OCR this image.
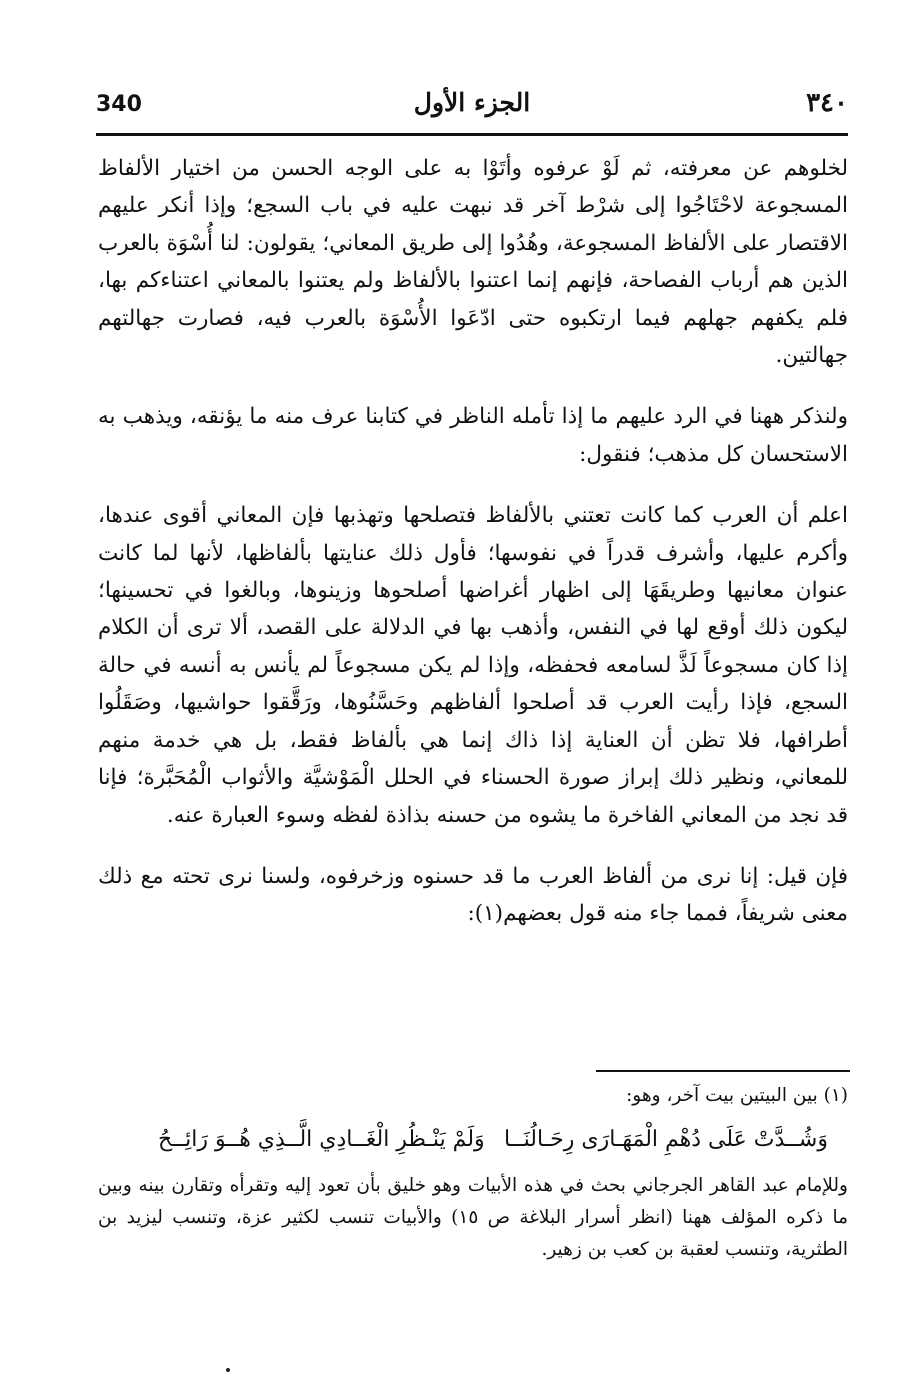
340	الجزء الأول	٣٤٠

لخلوهم عن معرفته، ثم لَوْ عرفوه وأتَوْا به على الوجه الحسن من اختيار الألفاظ المسجوعة لاحْتَاجُوا إلى شرْط آخر قد نبهت عليه في باب السجع؛ وإذا أنكر عليهم الاقتصار على الألفاظ المسجوعة، وهُدُوا إلى طريق المعاني؛ يقولون: لنا أُسْوَة بالعرب الذين هم أرباب الفصاحة، فإنهم إنما اعتنوا بالألفاظ ولم يعتنوا بالمعاني اعتناءكم بها، فلم يكفهم جهلهم فيما ارتكبوه حتى ادّعَوا الأُسْوَة بالعرب فيه، فصارت جهالتهم جهالتين.

ولنذكر ههنا في الرد عليهم ما إذا تأمله الناظر في كتابنا عرف منه ما يؤنقه، ويذهب به الاستحسان كل مذهب؛ فنقول:

اعلم أن العرب كما كانت تعتني بالألفاظ فتصلحها وتهذبها فإن المعاني أقوى عندها، وأكرم عليها، وأشرف قدراً في نفوسها؛ فأول ذلك عنايتها بألفاظها، لأنها لما كانت عنوان معانيها وطريقَهَا إلى اظهار أغراضها أصلحوها وزينوها، وبالغوا في تحسينها؛ ليكون ذلك أوقع لها في النفس، وأذهب بها في الدلالة على القصد، ألا ترى أن الكلام إذا كان مسجوعاً لَذَّ لسامعه فحفظه، وإذا لم يكن مسجوعاً لم يأنس به أنسه في حالة السجع، فإذا رأيت العرب قد أصلحوا ألفاظهم وحَسَّنُوها، ورَقَّقوا حواشيها، وصَقَلُوا أطرافها، فلا تظن أن العناية إذا ذاك إنما هي بألفاظ فقط، بل هي خدمة منهم للمعاني، ونظير ذلك إبراز صورة الحسناء في الحلل الْمَوْشيَّة والأثواب الْمُحَبَّرة؛ فإنا قد نجد من المعاني الفاخرة ما يشوه من حسنه بذاذة لفظه وسوء العبارة عنه.

فإن قيل: إنا نرى من ألفاظ العرب ما قد حسنوه وزخرفوه، ولسنا نرى تحته مع ذلك معنى شريفاً، فمما جاء منه قول بعضهم(١):

(١) بين البيتين بيت آخر، وهو:

وَشُــدَّتْ عَلَى دُهْمِ الْمَهَـارَى رِحَـالُنَــا
وَلَمْ يَنْـظُرِ الْغَــادِي الَّــذِي هُــوَ رَائِــحُ

وللإمام عبد القاهر الجرجاني بحث في هذه الأبيات وهو خليق بأن تعود إليه وتقرأه وتقارن بينه وبين ما ذكره المؤلف ههنا (انظر أسرار البلاغة ص ١٥) والأبيات تنسب لكثير عزة، وتنسب ليزيد بن الطثرية، وتنسب لعقبة بن كعب بن زهير.
